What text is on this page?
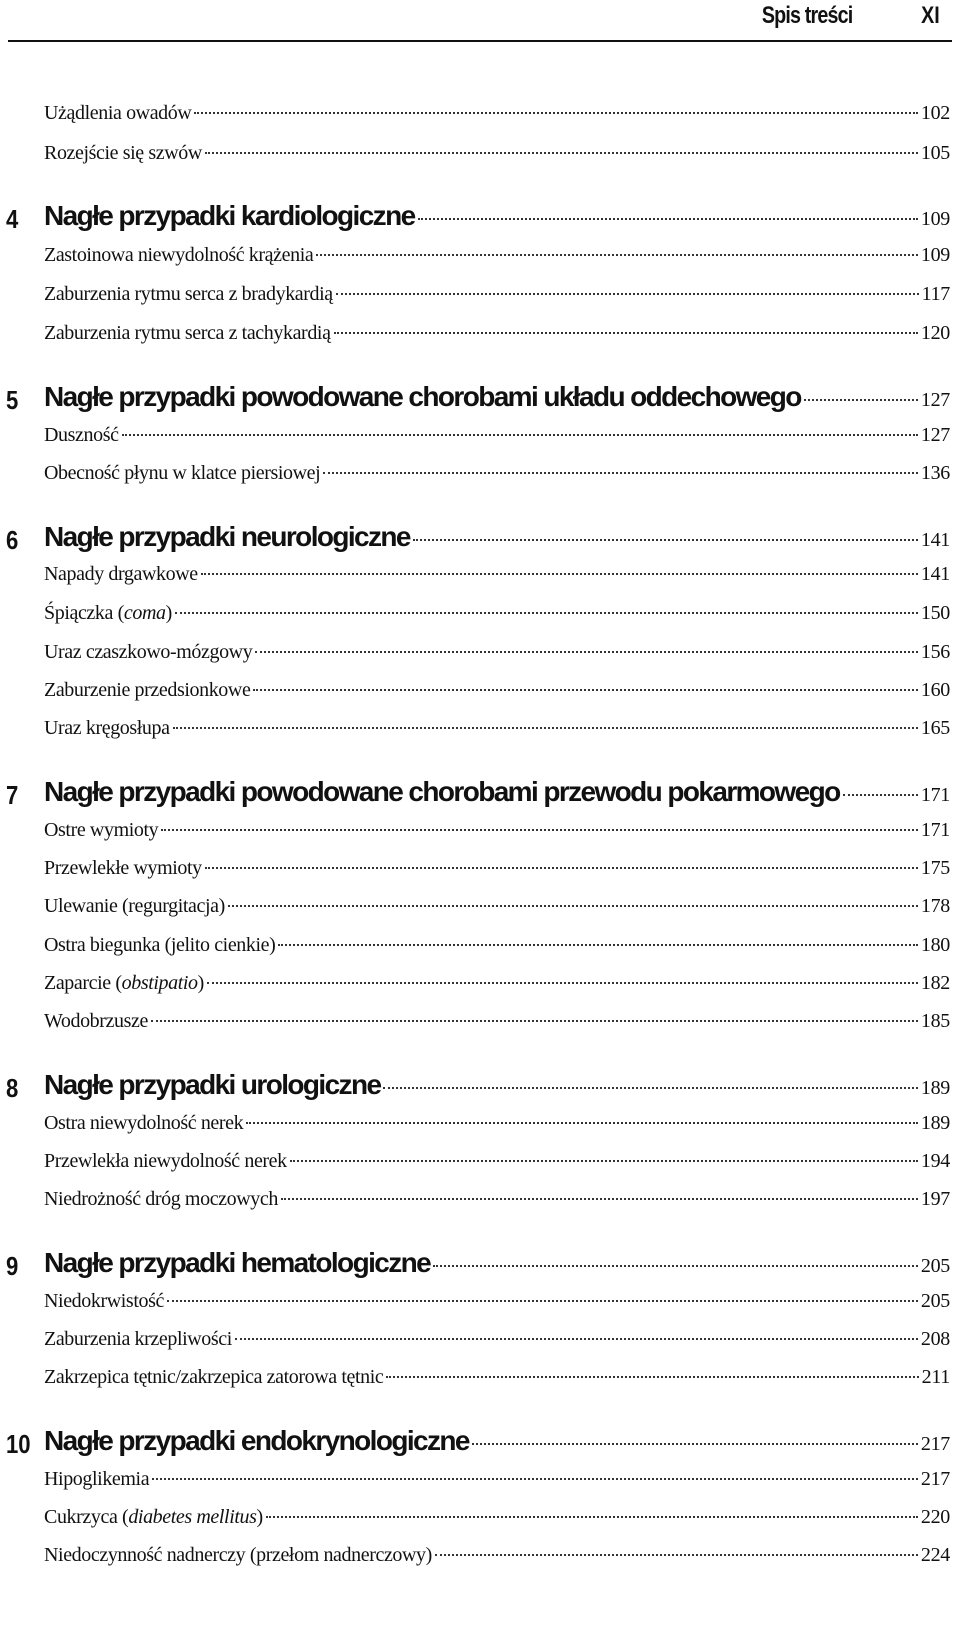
Spis treści	XI
Użądlenia owadów	102
Rozejście się szwów	105
4 Nagłe przypadki kardiologiczne	109
Zastoinowa niewydolność krążenia	109
Zaburzenia rytmu serca z bradykardią	117
Zaburzenia rytmu serca z tachykardią	120
5 Nagłe przypadki powodowane chorobami układu oddechowego	127
Duszność	127
Obecność płynu w klatce piersiowej	136
6 Nagłe przypadki neurologiczne	141
Napady drgawkowe	141
Śpiączka (coma)	150
Uraz czaszkowo-mózgowy	156
Zaburzenie przedsionkowe	160
Uraz kręgosłupa	165
7 Nagłe przypadki powodowane chorobami przewodu pokarmowego	171
Ostre wymioty	171
Przewlekłe wymioty	175
Ulewanie (regurgitacja)	178
Ostra biegunka (jelito cienkie)	180
Zaparcie (obstipatio)	182
Wodobrzusze	185
8 Nagłe przypadki urologiczne	189
Ostra niewydolność nerek	189
Przewlekła niewydolność nerek	194
Niedrożność dróg moczowych	197
9 Nagłe przypadki hematologiczne	205
Niedokrwistość	205
Zaburzenia krzepliwości	208
Zakrzepica tętnic/zakrzepica zatorowa tętnic	211
10 Nagłe przypadki endokrynologiczne	217
Hipoglikemia	217
Cukrzyca (diabetes mellitus)	220
Niedoczynność nadnerczy (przełom nadnerczowy)	224
